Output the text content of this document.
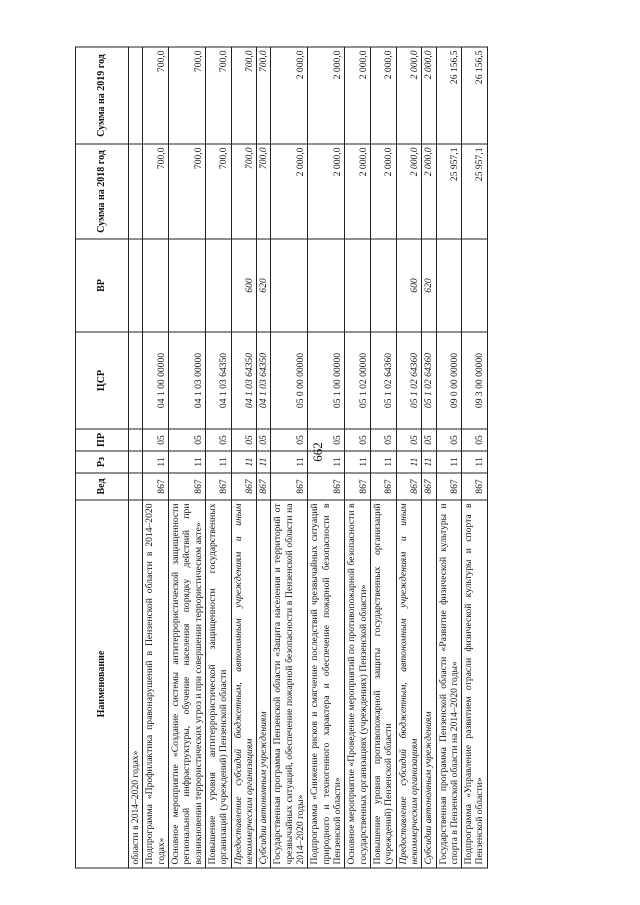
662
Наименование	Вед	Рз	ПР	ЦСР	ВР	Сумма на 2018 год	Сумма на 2019 год
области в 2014–2020 годах»							
Подпрограмма «Профилактика правонарушений в Пензенской области в 2014–2020 годах»	867	11	05	04 1 00 00000		700,0	700,0
Основное мероприятие «Создание системы антитеррористической защищенности региональной инфраструктуры, обучение населения порядку действий при возникновении террористических угроз и при совершении террористическом акте»	867	11	05	04 1 03 00000		700,0	700,0
Повышение уровня антитеррористической защищенности государственных организаций (учреждений) Пензенской области	867	11	05	04 1 03 64350		700,0	700,0
Предоставление субсидий бюджетным, автономным учреждениям и иным некоммерческим организациям	867	11	05	04 1 03 64350	600	700,0	700,0
Субсидии автономным учреждениям	867	11	05	04 1 03 64350	620	700,0	700,0
Государственная программа Пензенской области «Защита населения и территорий от чрезвычайных ситуаций, обеспечение пожарной безопасности в Пензенской области на 2014–2020 годы»	867	11	05	05 0 00 00000		2 000,0	2 000,0
Подпрограмма «Снижение рисков и смягчение последствий чрезвычайных ситуаций природного и техногенного характера и обеспечение пожарной безопасности в Пензенской области»	867	11	05	05 1 00 00000		2 000,0	2 000,0
Основное мероприятие «Проведение мероприятий по противопожарной безопасности в государственных организациях (учреждениях) Пензенской области»	867	11	05	05 1 02 00000		2 000,0	2 000,0
Повышение уровня противопожарной защиты государственных организаций (учреждений) Пензенской области	867	11	05	05 1 02 64360		2 000,0	2 000,0
Предоставление субсидий бюджетным, автономным учреждениям и иным некоммерческим организациям	867	11	05	05 1 02 64360	600	2 000,0	2 000,0
Субсидии автономным учреждениям	867	11	05	05 1 02 64360	620	2 000,0	2 000,0
Государственная программа Пензенской области «Развитие физической культуры и спорта в Пензенской области на 2014–2020 годы»	867	11	05	09 0 00 00000		25 957,1	26 156,5
Подпрограмма «Управление развитием отрасли физической культуры и спорта в Пензенской области»	867	11	05	09 3 00 00000		25 957,1	26 156,5
